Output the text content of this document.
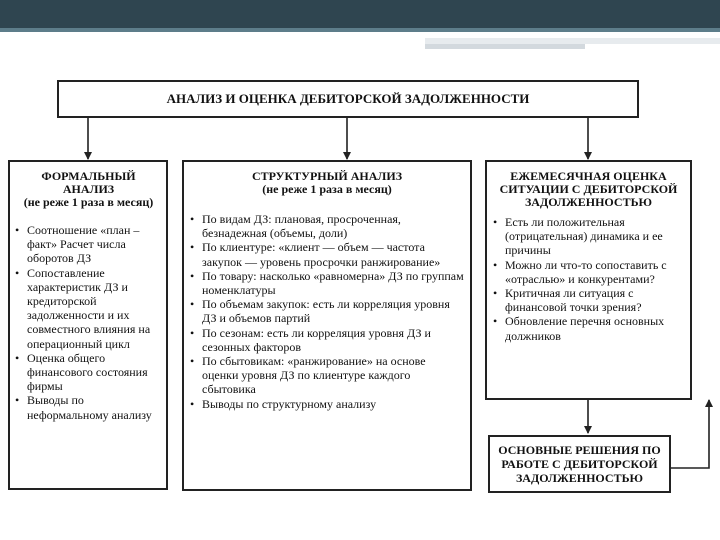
АНАЛИЗ И ОЦЕНКА ДЕБИТОРСКОЙ ЗАДОЛЖЕННОСТИ
ФОРМАЛЬНЫЙ АНАЛИЗ
(не реже 1 раза в месяц)
• Соотношение «план – факт» Расчет числа оборотов ДЗ
• Сопоставление характеристик ДЗ и кредиторской задолженности и их совместного влияния на операционный цикл
• Оценка общего финансового состояния фирмы
• Выводы по неформальному анализу
СТРУКТУРНЫЙ АНАЛИЗ
(не реже 1 раза в месяц)
• По видам ДЗ: плановая, просроченная, безнадежная (объемы, доли)
• По клиентуре: «клиент — объем — частота закупок — уровень просрочки ранжирование»
• По товару: насколько «равномерна» ДЗ по группам номенклатуры
• По объемам закупок: есть ли корреляция уровня ДЗ и объемов партий
• По сезонам: есть ли корреляция уровня ДЗ и сезонных факторов
• По сбытовикам: «ранжирование» на основе оценки уровня ДЗ по клиентуре каждого сбытовика
• Выводы по структурному анализу
ЕЖЕМЕСЯЧНАЯ ОЦЕНКА
СИТУАЦИИ С ДЕБИТОРСКОЙ
ЗАДОЛЖЕННОСТЬЮ
• Есть ли положительная (отрицательная) динамика и ее причины
• Можно ли что-то сопоставить с «отраслью» и конкурентами?
• Критичная ли ситуация с финансовой точки зрения?
• Обновление перечня основных должников
ОСНОВНЫЕ РЕШЕНИЯ ПО
РАБОТЕ С ДЕБИТОРСКОЙ
ЗАДОЛЖЕННОСТЬЮ
